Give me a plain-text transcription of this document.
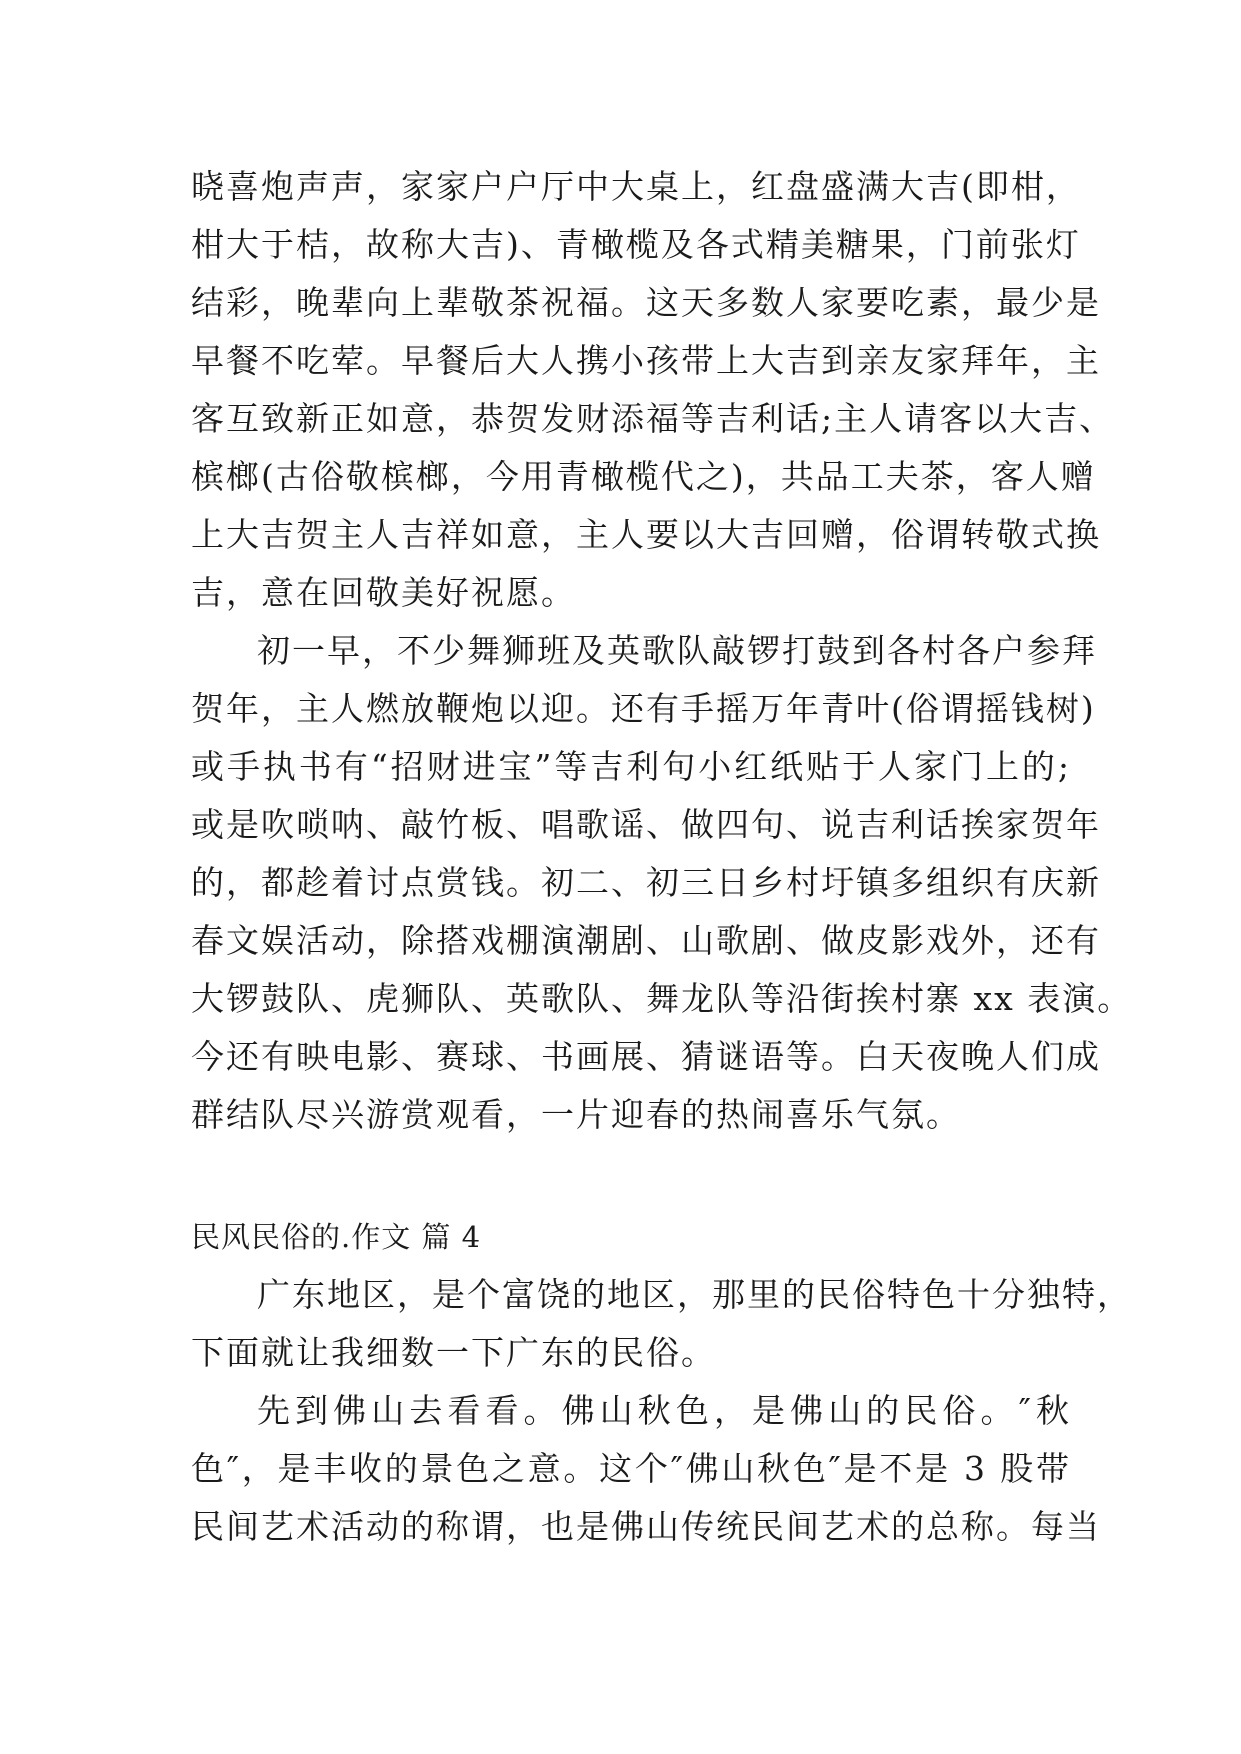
晓喜炮声声，家家户户厅中大桌上，红盘盛满大吉(即柑，
柑大于桔，故称大吉)、青橄榄及各式精美糖果，门前张灯
结彩，晚辈向上辈敬茶祝福。这天多数人家要吃素，最少是
早餐不吃荤。早餐后大人携小孩带上大吉到亲友家拜年，主
客互致新正如意，恭贺发财添福等吉利话;主人请客以大吉、
槟榔(古俗敬槟榔，今用青橄榄代之)，共品工夫茶，客人赠
上大吉贺主人吉祥如意，主人要以大吉回赠，俗谓转敬式换
吉，意在回敬美好祝愿。
初一早，不少舞狮班及英歌队敲锣打鼓到各村各户参拜
贺年，主人燃放鞭炮以迎。还有手摇万年青叶(俗谓摇钱树)
或手执书有“招财进宝”等吉利句小红纸贴于人家门上的;
或是吹唢呐、敲竹板、唱歌谣、做四句、说吉利话挨家贺年
的，都趁着讨点赏钱。初二、初三日乡村圩镇多组织有庆新
春文娱活动，除搭戏棚演潮剧、山歌剧、做皮影戏外，还有
大锣鼓队、虎狮队、英歌队、舞龙队等沿街挨村寨 xx 表演。
今还有映电影、赛球、书画展、猜谜语等。白天夜晚人们成
群结队尽兴游赏观看，一片迎春的热闹喜乐气氛。
民风民俗的.作文 篇 4
广东地区，是个富饶的地区，那里的民俗特色十分独特，
下面就让我细数一下广东的民俗。
先到佛山去看看。佛山秋色，是佛山的民俗。″秋
色″，是丰收的景色之意。这个″佛山秋色″是不是 3 股带
民间艺术活动的称谓，也是佛山传统民间艺术的总称。每当
